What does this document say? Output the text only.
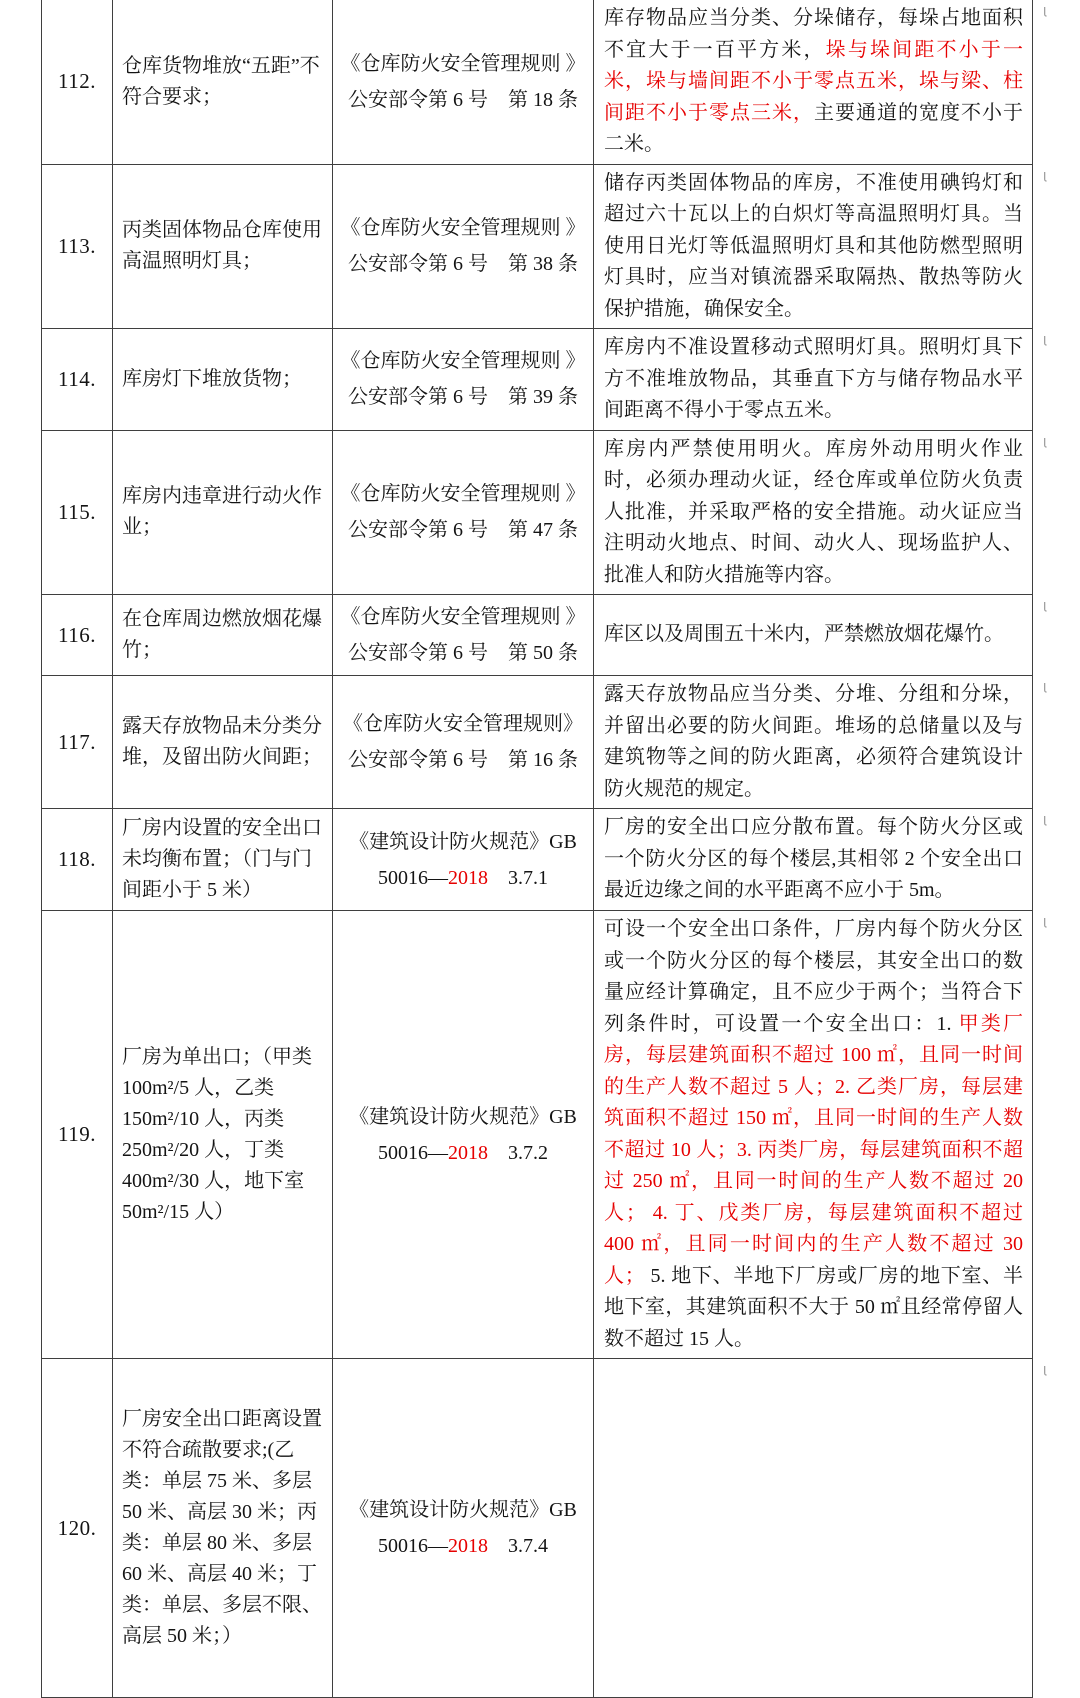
112.
仓库货物堆放“五距”不符合要求；
《仓库防火安全管理规则 》
公安部令第 6 号　第 18 条
库存物品应当分类、分垛储存，每垛占地面积不宜大于一百平方米，垛与垛间距不小于一米，垛与墙间距不小于零点五米，垛与梁、柱间距不小于零点三米，主要通道的宽度不小于二米。
ȷ
113.
丙类固体物品仓库使用高温照明灯具；
《仓库防火安全管理规则 》
公安部令第 6 号　第 38 条
储存丙类固体物品的库房，不准使用碘钨灯和超过六十瓦以上的白炽灯等高温照明灯具。当使用日光灯等低温照明灯具和其他防燃型照明灯具时，应当对镇流器采取隔热、散热等防火保护措施，确保安全。
ȷ
114.	库房灯下堆放货物；
《仓库防火安全管理规则 》
公安部令第 6 号　第 39 条
库房内不准设置移动式照明灯具。照明灯具下方不准堆放物品，其垂直下方与储存物品水平间距离不得小于零点五米。
ȷ
115.
库房内违章进行动火作业；
《仓库防火安全管理规则 》
公安部令第 6 号　第 47 条
库房内严禁使用明火。库房外动用明火作业时，必须办理动火证，经仓库或单位防火负责人批准，并采取严格的安全措施。动火证应当注明动火地点、时间、动火人、现场监护人、批准人和防火措施等内容。
ȷ
116.
在仓库周边燃放烟花爆竹；
《仓库防火安全管理规则 》
公安部令第 6 号　第 50 条
库区以及周围五十米内，严禁燃放烟花爆竹。
ȷ
117.
露天存放物品未分类分堆，及留出防火间距；
《仓库防火安全管理规则》
公安部令第 6 号　第 16 条
露天存放物品应当分类、分堆、分组和分垛，并留出必要的防火间距。堆场的总储量以及与建筑物等之间的防火距离，必须符合建筑设计防火规范的规定。
ȷ
118.
厂房内设置的安全出口未均衡布置；（门与门间距小于 5 米）
《建筑设计防火规范》GB
50016—2018　3.7.1
厂房的安全出口应分散布置。每个防火分区或一个防火分区的每个楼层,其相邻 2 个安全出口最近边缘之间的水平距离不应小于 5m。
ȷ
119.
厂房为单出口；（甲类100m²/5 人，乙类150m²/10 人，丙类250m²/20 人，丁类400m²/30 人，地下室50m²/15 人）
《建筑设计防火规范》GB
50016—2018　3.7.2
可设一个安全出口条件，厂房内每个防火分区或一个防火分区的每个楼层，其安全出口的数量应经计算确定，且不应少于两个；当符合下列条件时，可设置一个安全出口：1. 甲类厂房，每层建筑面积不超过 100 ㎡，且同一时间的生产人数不超过 5 人；2. 乙类厂房，每层建筑面积不超过 150 ㎡，且同一时间的生产人数不超过 10 人；3. 丙类厂房，每层建筑面积不超过 250 ㎡，且同一时间的生产人数不超过 20 人； 4. 丁、戊类厂房，每层建筑面积不超过 400 ㎡，且同一时间内的生产人数不超过 30 人； 5. 地下、半地下厂房或厂房的地下室、半地下室，其建筑面积不大于 50 ㎡且经常停留人数不超过 15 人。
ȷ
120.
厂房安全出口距离设置不符合疏散要求;(乙类：单层 75 米、多层 50 米、高层 30 米；丙类：单层 80 米、多层 60 米、高层 40 米；丁类：单层、多层不限、高层 50 米；）
《建筑设计防火规范》GB
50016—2018　3.7.4
ȷ
